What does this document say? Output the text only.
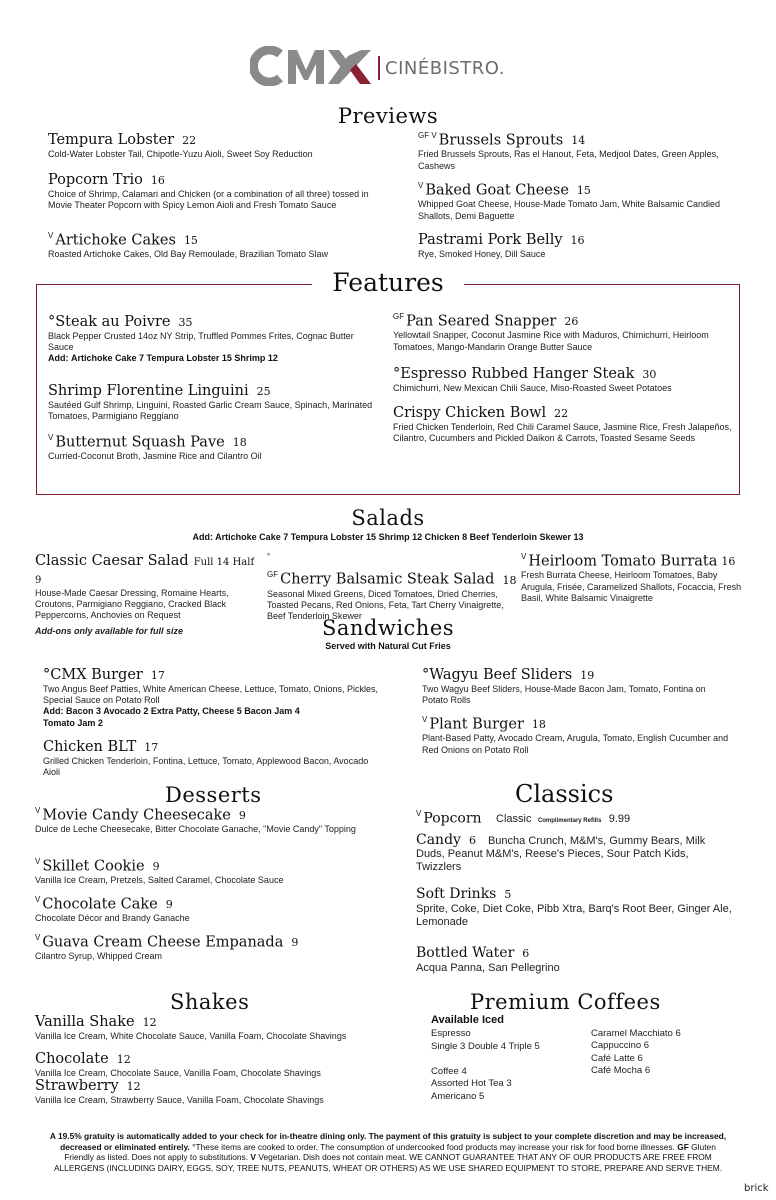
CINÉBISTRO.
Previews
Tempura Lobster 22
Cold-Water Lobster Tail, Chipotle-Yuzu Aioli, Sweet Soy Reduction
Popcorn Trio 16
Choice of Shrimp, Calamari and Chicken (or a combination of all three) tossed in Movie Theater Popcorn with Spicy Lemon Aioli and Fresh Tomato Sauce
$^V$ Artichoke Cakes 15
Roasted Artichoke Cakes, Old Bay Remoulade, Brazilian Tomato Slaw
$^{GF V}$ Brussels Sprouts 14
Fried Brussels Sprouts, Ras el Hanout, Feta, Medjool Dates, Green Apples, Cashews
$^V$ Baked Goat Cheese 15
Whipped Goat Cheese, House-Made Tomato Jam, White Balsamic Candied Shallots, Demi Baguette
Pastrami Pork Belly 16
Rye, Smoked Honey, Dill Sauce
Features
°Steak au Poivre 35
Black Pepper Crusted 14oz NY Strip, Truffled Pommes Frites, Cognac Butter Sauce
Add: Artichoke Cake 7 Tempura Lobster 15 Shrimp 12
Shrimp Florentine Linguini 25
Sautéed Gulf Shrimp, Linguini, Roasted Garlic Cream Sauce, Spinach, Marinated Tomatoes, Parmigiano Reggiano
$^V$ Butternut Squash Pave 18
Curried-Coconut Broth, Jasmine Rice and Cilantro Oil
$^{GF}$ Pan Seared Snapper 26
Yellowtail Snapper, Coconut Jasmine Rice with Maduros, Chimichurri, Heirloom Tomatoes, Mango-Mandarin Orange Butter Sauce
°Espresso Rubbed Hanger Steak 30
Chimichurri, New Mexican Chili Sauce, Miso-Roasted Sweet Potatoes
Crispy Chicken Bowl 22
Fried Chicken Tenderloin, Red Chili Caramel Sauce, Jasmine Rice, Fresh Jalapeños, Cilantro, Cucumbers and Pickled Daikon & Carrots, Toasted Sesame Seeds
Salads
Add: Artichoke Cake 7 Tempura Lobster 15 Shrimp 12 Chicken 8 Beef Tenderloin Skewer 13
Classic Caesar Salad Full 14 Half 9
House-Made Caesar Dressing, Romaine Hearts, Croutons, Parmigiano Reggiano, Cracked Black Peppercorns, Anchovies on Request
Add-ons only available for full size
$^{^\circ GF}$ Cherry Balsamic Steak Salad 18
Seasonal Mixed Greens, Diced Tomatoes, Dried Cherries, Toasted Pecans, Red Onions, Feta, Tart Cherry Vinaigrette, Beef Tenderloin Skewer
$^V$ Heirloom Tomato Burrata 16
Fresh Burrata Cheese, Heirloom Tomatoes, Baby Arugula, Frisée, Caramelized Shallots, Focaccia, Fresh Basil, White Balsamic Vinaigrette
Sandwiches
Served with Natural Cut Fries
°CMX Burger 17
Two Angus Beef Patties, White American Cheese, Lettuce, Tomato, Onions, Pickles, Special Sauce on Potato Roll
Add: Bacon 3 Avocado 2 Extra Patty, Cheese 5 Bacon Jam 4
Tomato Jam 2
Chicken BLT 17
Grilled Chicken Tenderloin, Fontina, Lettuce, Tomato, Applewood Bacon, Avocado Aioli
°Wagyu Beef Sliders 19
Two Wagyu Beef Sliders, House-Made Bacon Jam, Tomato, Fontina on Potato Rolls
$^V$ Plant Burger 18
Plant-Based Patty, Avocado Cream, Arugula, Tomato, English Cucumber and Red Onions on Potato Roll
Desserts
$^V$ Movie Candy Cheesecake 9
Dulce de Leche Cheesecake, Bitter Chocolate Ganache, "Movie Candy" Topping
$^V$ Skillet Cookie 9
Vanilla Ice Cream, Pretzels, Salted Caramel, Chocolate Sauce
$^V$ Chocolate Cake 9
Chocolate Décor and Brandy Ganache
$^V$ Guava Cream Cheese Empanada 9
Cilantro Syrup, Whipped Cream
Classics
$^V$ Popcorn Classic Complimentary Refills 9.99
Candy 6 Buncha Crunch, M&M's, Gummy Bears, Milk Duds, Peanut M&M's, Reese's Pieces, Sour Patch Kids, Twizzlers
Soft Drinks 5
Sprite, Coke, Diet Coke, Pibb Xtra, Barq's Root Beer, Ginger Ale, Lemonade
Bottled Water 6
Acqua Panna, San Pellegrino
Shakes
Vanilla Shake 12
Vanilla Ice Cream, White Chocolate Sauce, Vanilla Foam, Chocolate Shavings
Chocolate 12
Vanilla Ice Cream, Chocolate Sauce, Vanilla Foam, Chocolate Shavings
Strawberry 12
Vanilla Ice Cream, Strawberry Sauce, Vanilla Foam, Chocolate Shavings
Premium Coffees
Available Iced
Espresso
Single 3 Double 4 Triple 5
Coffee 4
Assorted Hot Tea 3
Americano 5
Caramel Macchiato 6
Cappuccino 6
Café Latte 6
Café Mocha 6
A 19.5% gratuity is automatically added to your check for in-theatre dining only. The payment of this gratuity is subject to your complete discretion and may be increased,
decreased or eliminated entirely. °These items are cooked to order. The consumption of undercooked food products may increase your risk for food borne illnesses. GF Gluten
Friendly as listed. Does not apply to substitutions. V Vegetarian. Dish does not contain meat. WE CANNOT GUARANTEE THAT ANY OF OUR PRODUCTS ARE FREE FROM
ALLERGENS (INCLUDING DAIRY, EGGS, SOY, TREE NUTS, PEANUTS, WHEAT OR OTHERS) AS WE USE SHARED EQUIPMENT TO STORE, PREPARE AND SERVE THEM.
brick
